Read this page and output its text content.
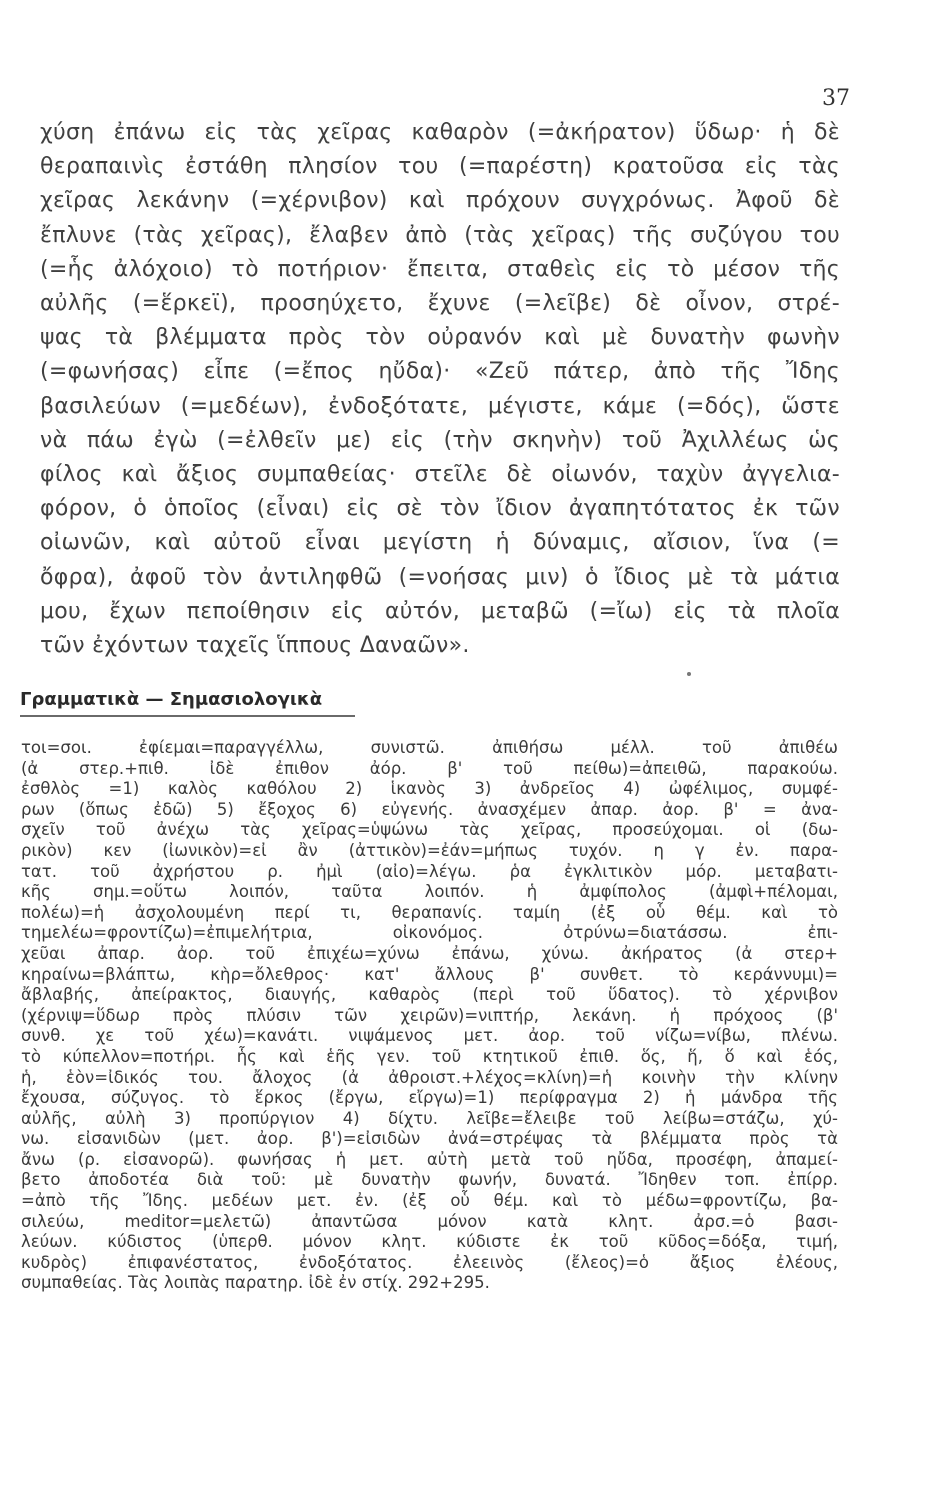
37
χύση ἐπάνω εἰς τὰς χεῖρας καθαρὸν (=ἀκήρατον) ὕδωρ· ἡ δὲ
θεραπαινὶς ἐστάθη πλησίον του (=παρέστη) κρατοῦσα εἰς τὰς
χεῖρας λεκάνην (=χέρνιβον) καὶ πρόχουν συγχρόνως. Ἀφοῦ δὲ
ἔπλυνε (τὰς χεῖρας), ἔλαβεν ἀπὸ (τὰς χεῖρας) τῆς συζύγου του
(=ἧς ἀλόχοιο) τὸ ποτήριον· ἔπειτα, σταθεὶς εἰς τὸ μέσον τῆς
αὐλῆς (=ἕρκεϊ), προσηύχετο, ἔχυνε (=λεῖβε) δὲ οἶνον, στρέ-
ψας τὰ βλέμματα πρὸς τὸν οὐρανόν καὶ μὲ δυνατὴν φωνὴν
(=φωνήσας) εἶπε (=ἔπος ηὔδα)· «Ζεῦ πάτερ, ἀπὸ τῆς Ἴδης
βασιλεύων (=μεδέων), ἐνδοξότατε, μέγιστε, κάμε (=δός), ὥστε
νὰ πάω ἐγὼ (=ἐλθεῖν με) εἰς (τὴν σκηνὴν) τοῦ Ἀχιλλέως ὡς
φίλος καὶ ἄξιος συμπαθείας· στεῖλε δὲ οἰωνόν, ταχὺν ἀγγελια-
φόρον, ὁ ὁποῖος (εἶναι) εἰς σὲ τὸν ἴδιον ἀγαπητότατος ἐκ τῶν
οἰωνῶν, καὶ αὐτοῦ εἶναι μεγίστη ἡ δύναμις, αἴσιον, ἵνα (=
ὄφρα), ἀφοῦ τὸν ἀντιληφθῶ (=νοήσας μιν) ὁ ἴδιος μὲ τὰ μάτια
μου, ἔχων πεποίθησιν εἰς αὐτόν, μεταβῶ (=ἴω) εἰς τὰ πλοῖα
τῶν ἐχόντων ταχεῖς ἵππους Δαναῶν».
Γραμματικὰ — Σημασιολογικὰ
τοι=σοι. ἐφίεμαι=παραγγέλλω, συνιστῶ. ἀπιθήσω μέλλ. τοῦ ἀπιθέω
(ἀ στερ.+πιθ. ἰδὲ ἐπιθον ἀόρ. β' τοῦ πείθω)=ἀπειθῶ, παρακούω.
ἐσθλὸς =1) καλὸς καθόλου 2) ἱκανὸς 3) ἀνδρεῖος 4) ὠφέλιμος, συμφέ-
ρων (ὅπως ἐδῶ) 5) ἔξοχος 6) εὐγενής. ἀνασχέμεν ἀπαρ. ἀορ. β' = ἀνα-
σχεῖν τοῦ ἀνέχω τὰς χεῖρας=ὑψώνω τὰς χεῖρας, προσεύχομαι. οἱ (δω-
ρικὸν) κεν (ἰωνικὸν)=εἰ ἂν (ἀττικὸν)=ἐάν=μήπως τυχόν. η γ ἐν. παρα-
τατ. τοῦ ἀχρήστου ρ. ἠμὶ (αἰο)=λέγω. ῥα ἐγκλιτικὸν μόρ. μεταβατι-
κῆς σημ.=οὕτω λοιπόν, ταῦτα λοιπόν. ἡ ἀμφίπολος (ἀμφὶ+πέλομαι,
πολέω)=ἡ ἀσχολουμένη περί τι, θεραπανίς. ταμίη (ἐξ οὗ θέμ. καὶ τὸ
τημελέω=φροντίζω)=ἐπιμελήτρια, οἰκονόμος. ὀτρύνω=διατάσσω. ἐπι-
χεῦαι ἀπαρ. ἀορ. τοῦ ἐπιχέω=χύνω ἐπάνω, χύνω. ἀκήρατος (ἀ στερ+
κηραίνω=βλάπτω, κὴρ=ὄλεθρος· κατ' ἄλλους β' συνθετ. τὸ κεράννυμι)=
ἄβλαβής, ἀπείρακτος, διαυγής, καθαρὸς (περὶ τοῦ ὕδατος). τὸ χέρνιβον
(χέρνιψ=ὕδωρ πρὸς πλύσιν τῶν χειρῶν)=νιπτήρ, λεκάνη. ἡ πρόχοος (β'
συνθ. χε τοῦ χέω)=κανάτι. νιψάμενος μετ. ἀορ. τοῦ νίζω=νίβω, πλένω.
τὸ κύπελλον=ποτήρι. ἧς καὶ ἑῆς γεν. τοῦ κτητικοῦ ἐπιθ. ὅς, ἥ, ὅ καὶ ἑός,
ἡ, ἑὸν=ἰδικός του. ἄλοχος (ἀ ἀθροιστ.+λέχος=κλίνη)=ἡ κοινὴν τὴν κλίνην
ἔχουσα, σύζυγος. τὸ ἕρκος (ἔργω, εἴργω)=1) περίφραγμα 2) ἡ μάνδρα τῆς
αὐλῆς, αὐλὴ 3) προπύργιον 4) δίχτυ. λεῖβε=ἔλειβε τοῦ λείβω=στάζω, χύ-
νω. εἰσανιδὼν (μετ. ἀορ. β')=εἰσιδὼν ἀνά=στρέψας τὰ βλέμματα πρὸς τὰ
ἄνω (ρ. εἰσανορῶ). φωνήσας ἡ μετ. αὐτὴ μετὰ τοῦ ηὔδα, προσέφη, ἀπαμεί-
βετο ἀποδοτέα διὰ τοῦ: μὲ δυνατὴν φωνήν, δυνατά. Ἴδηθεν τοπ. ἐπίρρ.
=ἀπὸ τῆς Ἴδης. μεδέων μετ. ἐν. (ἐξ οὗ θέμ. καὶ τὸ μέδω=φροντίζω, βα-
σιλεύω, meditor=μελετῶ) ἀπαντῶσα μόνον κατὰ κλητ. ἀρσ.=ὁ βασι-
λεύων. κύδιστος (ὑπερθ. μόνον κλητ. κύδιστε ἐκ τοῦ κῦδος=δόξα, τιμή,
κυδρὸς) ἐπιφανέστατος, ἐνδοξότατος. ἐλεεινὸς (ἔλεος)=ὁ ἄξιος ἐλέους,
συμπαθείας. Τὰς λοιπὰς παρατηρ. ἰδὲ ἐν στίχ. 292+295.
